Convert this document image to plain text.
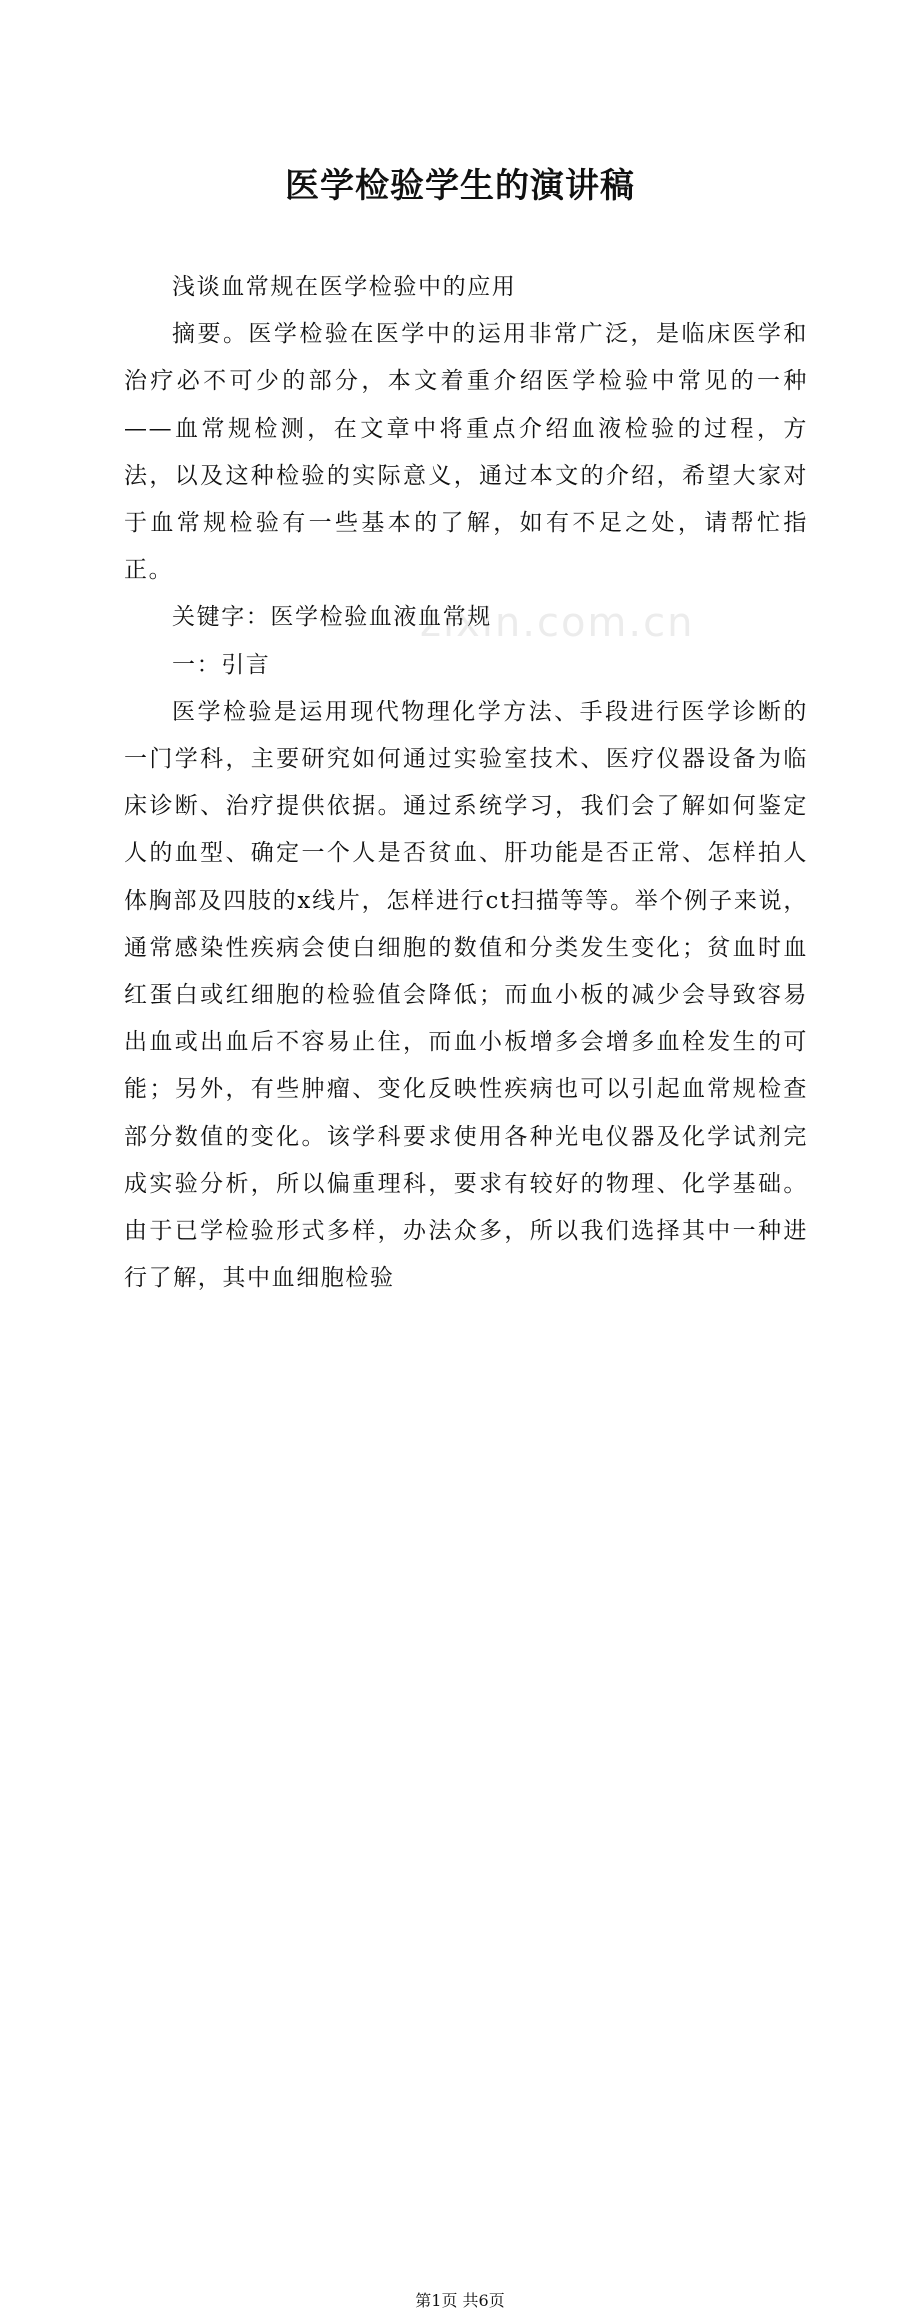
zixin.com.cn
医学检验学生的演讲稿

浅谈血常规在医学检验中的应用

摘要。医学检验在医学中的运用非常广泛，是临床医学和治疗必不可少的部分，本文着重介绍医学检验中常见的一种——血常规检测，在文章中将重点介绍血液检验的过程，方法，以及这种检验的实际意义，通过本文的介绍，希望大家对于血常规检验有一些基本的了解，如有不足之处，请帮忙指正。

关键字：医学检验血液血常规

一：引言

医学检验是运用现代物理化学方法、手段进行医学诊断的一门学科，主要研究如何通过实验室技术、医疗仪器设备为临床诊断、治疗提供依据。通过系统学习，我们会了解如何鉴定人的血型、确定一个人是否贫血、肝功能是否正常、怎样拍人体胸部及四肢的x线片，怎样进行ct扫描等等。举个例子来说，通常感染性疾病会使白细胞的数值和分类发生变化；贫血时血红蛋白或红细胞的检验值会降低；而血小板的减少会导致容易出血或出血后不容易止住，而血小板增多会增多血栓发生的可能；另外，有些肿瘤、变化反映性疾病也可以引起血常规检查部分数值的变化。该学科要求使用各种光电仪器及化学试剂完成实验分析，所以偏重理科，要求有较好的物理、化学基础。由于已学检验形式多样，办法众多，所以我们选择其中一种进行了解，其中血细胞检验

第1页 共6页
